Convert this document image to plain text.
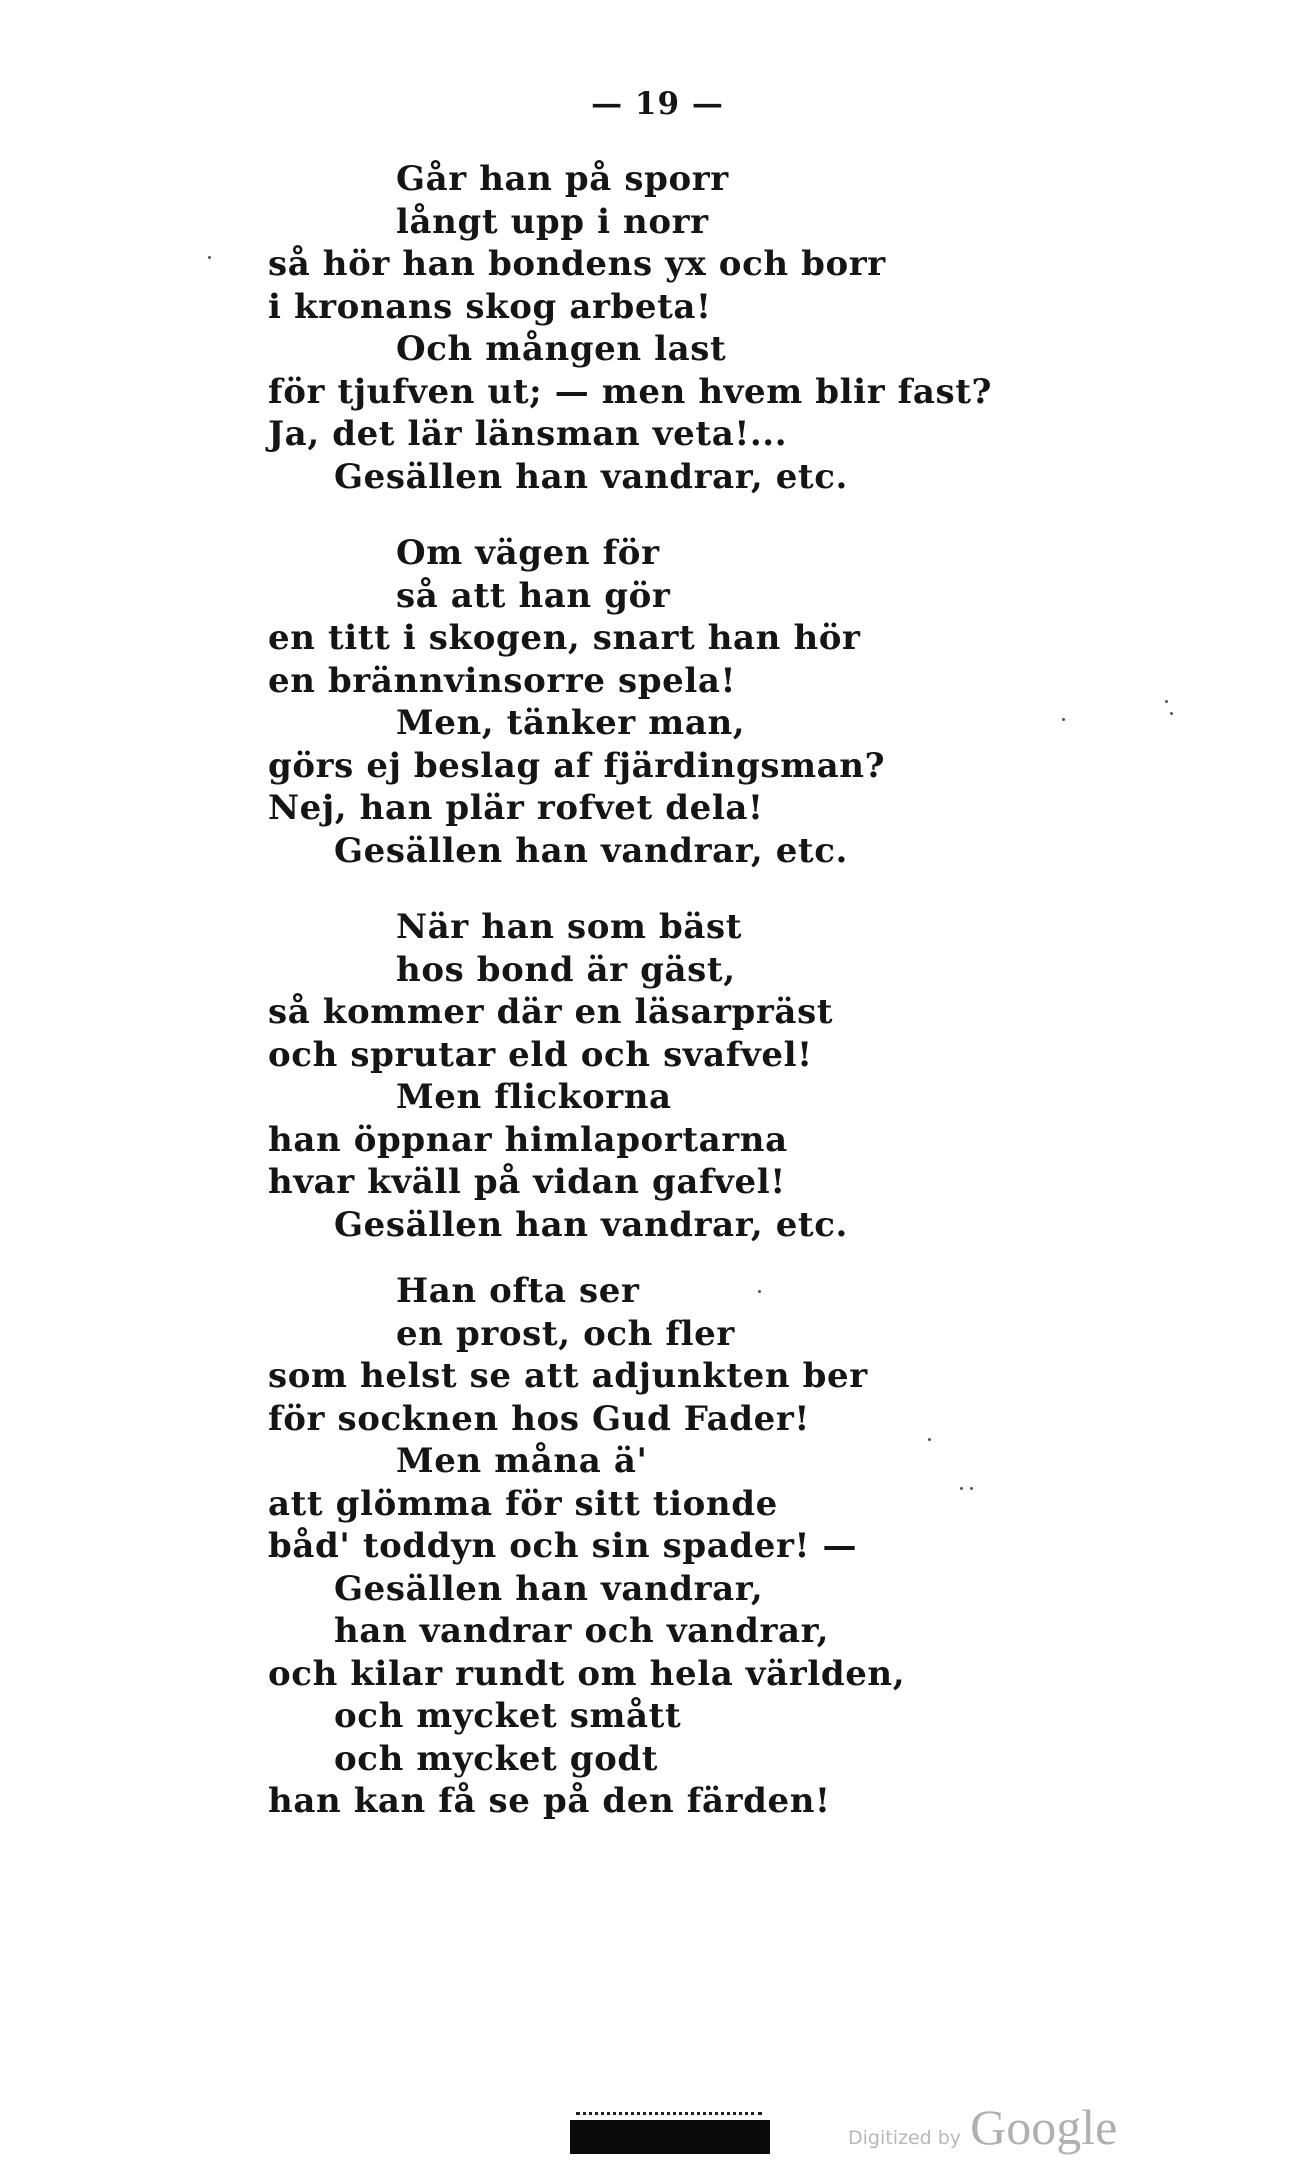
— 19 —
Går han på sporr
långt upp i norr
så hör han bondens yx och borr
i kronans skog arbeta!
Och mången last
för tjufven ut; — men hvem blir fast?
Ja, det lär länsman veta!...
Gesällen han vandrar, etc.
Om vägen för
så att han gör
en titt i skogen, snart han hör
en brännvinsorre spela!
Men, tänker man,
görs ej beslag af fjärdingsman?
Nej, han plär rofvet dela!
Gesällen han vandrar, etc.
När han som bäst
hos bond är gäst,
så kommer där en läsarpräst
och sprutar eld och svafvel!
Men flickorna
han öppnar himlaportarna
hvar kväll på vidan gafvel!
Gesällen han vandrar, etc.
Han ofta ser
en prost, och fler
som helst se att adjunkten ber
för socknen hos Gud Fader!
Men måna ä'
att glömma för sitt tionde
båd' toddyn och sin spader! —
Gesällen han vandrar,
han vandrar och vandrar,
och kilar rundt om hela världen,
och mycket smått
och mycket godt
han kan få se på den färden!
Digitized by Google
